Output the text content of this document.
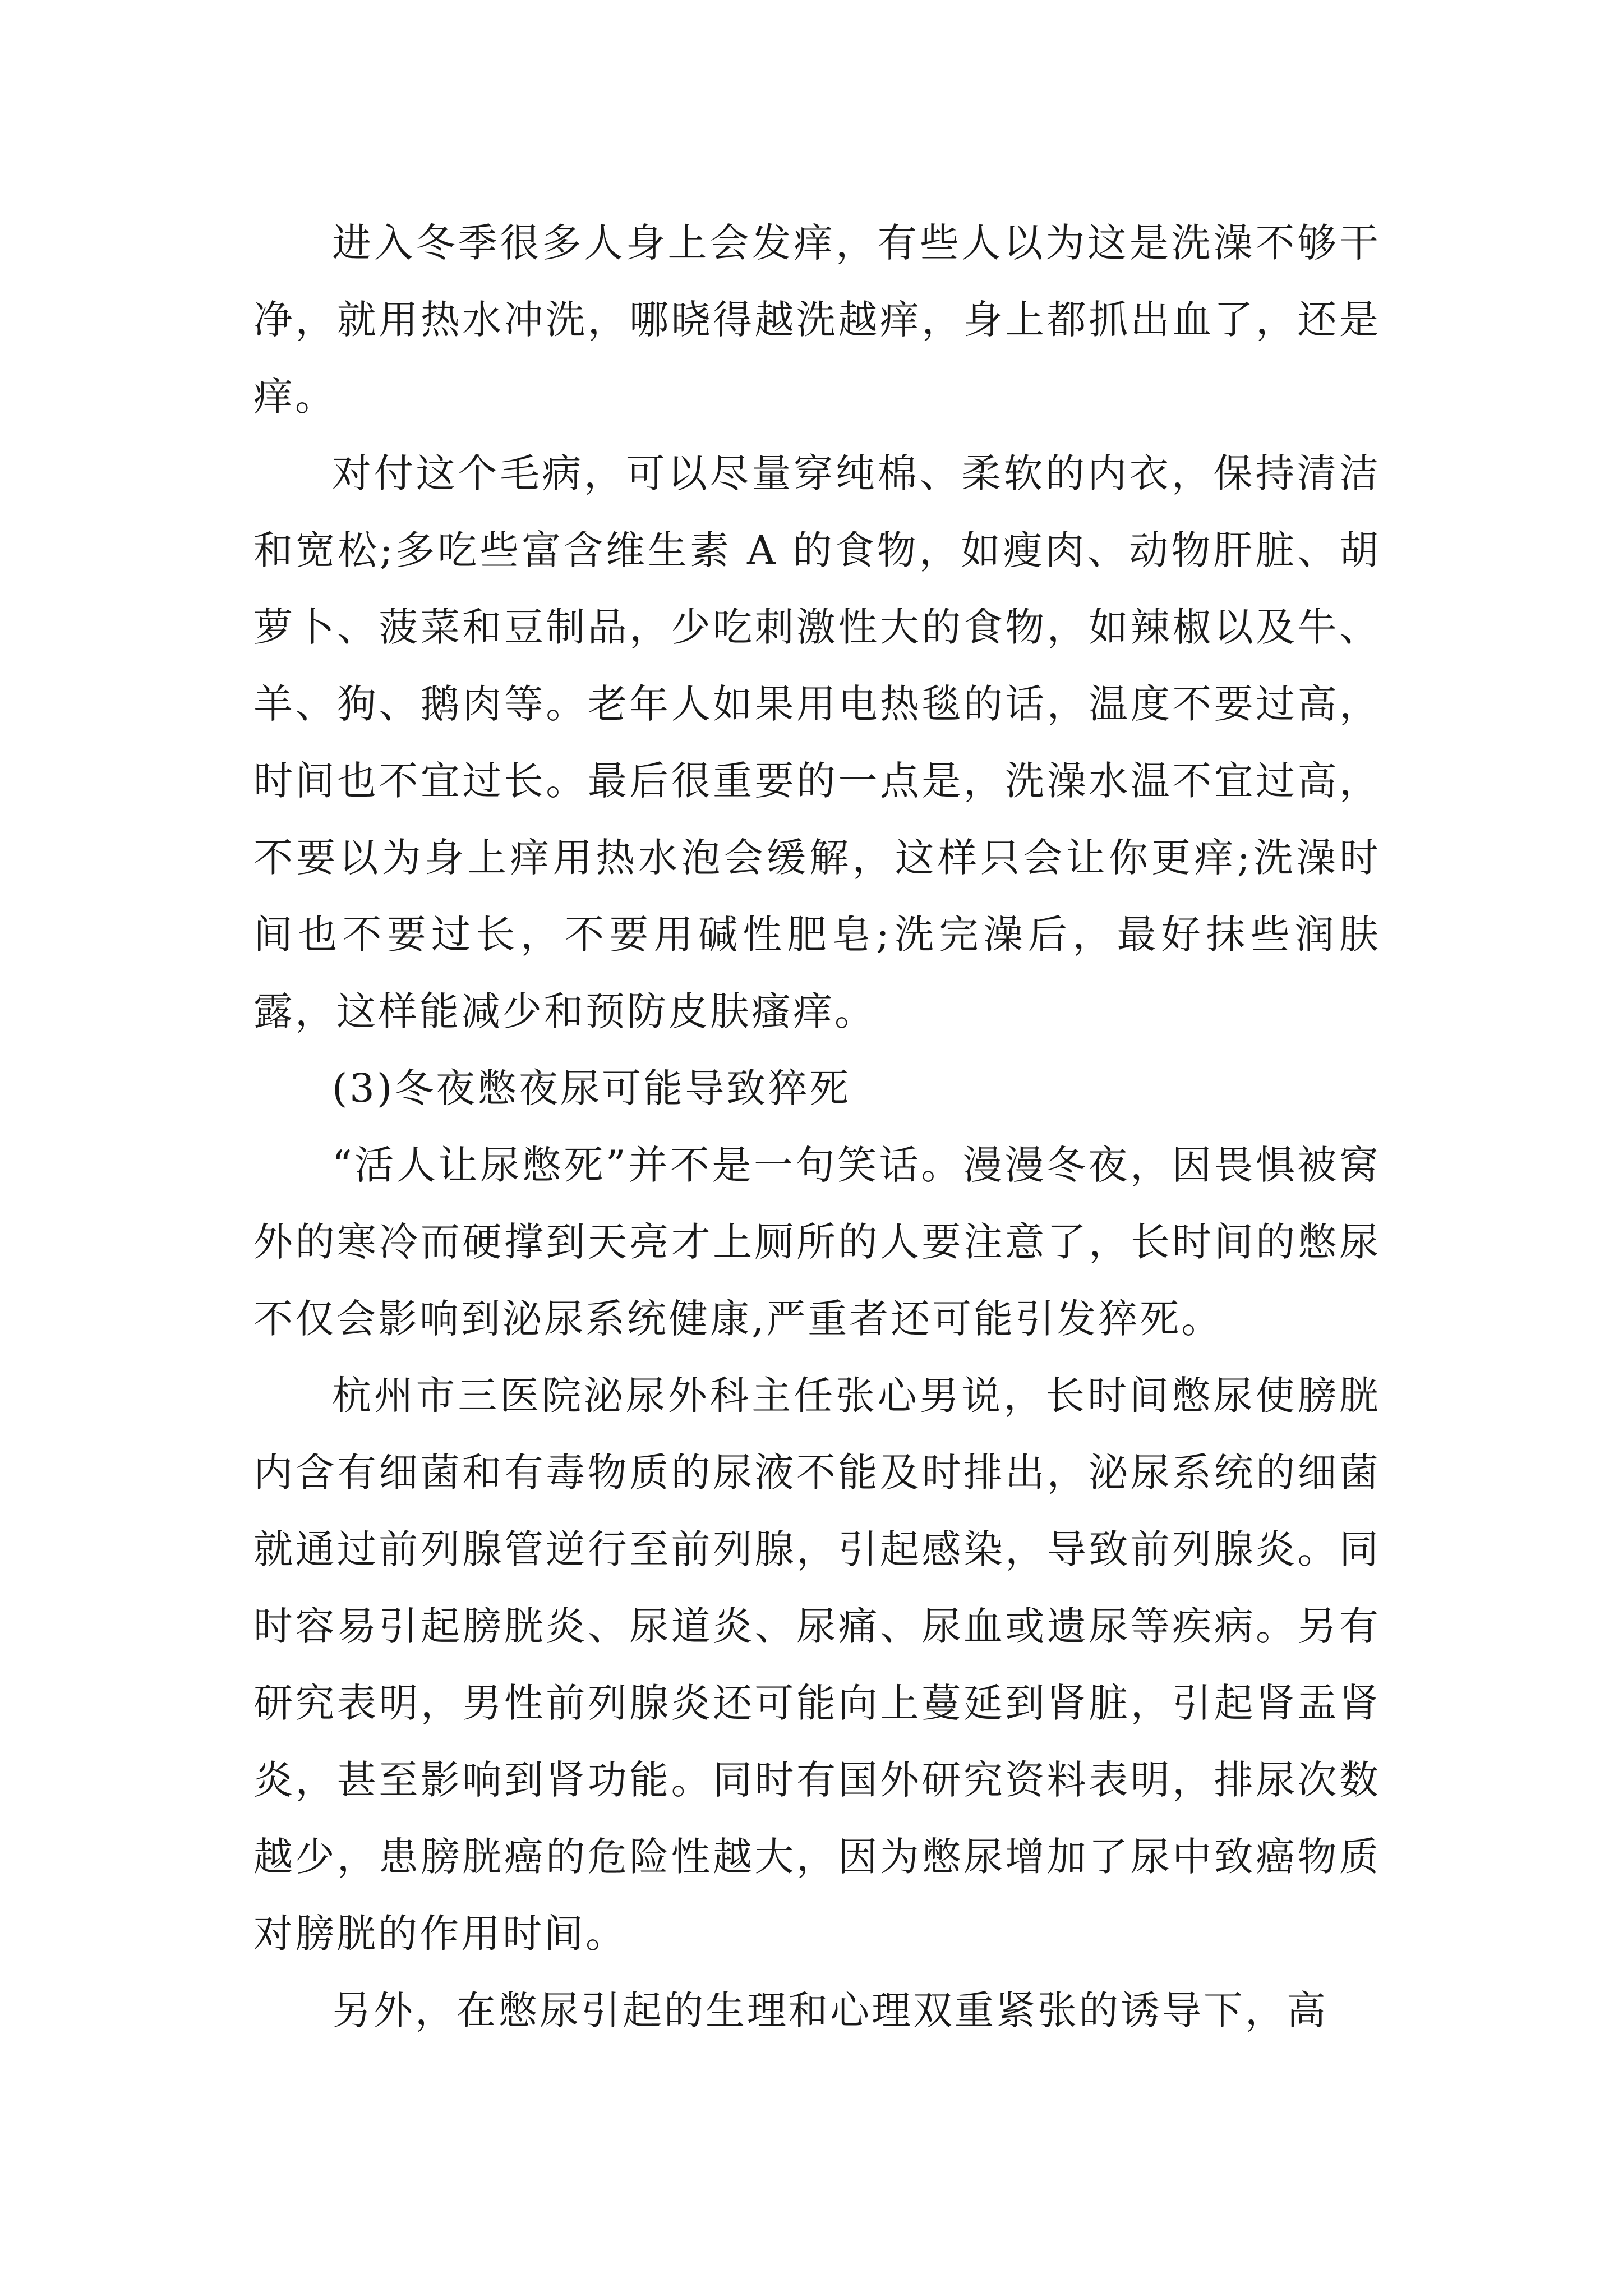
进入冬季很多人身上会发痒，有些人以为这是洗澡不够干净，就用热水冲洗，哪晓得越洗越痒，身上都抓出血了，还是痒。

对付这个毛病，可以尽量穿纯棉、柔软的内衣，保持清洁和宽松;多吃些富含维生素 A 的食物，如瘦肉、动物肝脏、胡萝卜、菠菜和豆制品，少吃刺激性大的食物，如辣椒以及牛、羊、狗、鹅肉等。老年人如果用电热毯的话，温度不要过高，时间也不宜过长。最后很重要的一点是，洗澡水温不宜过高，不要以为身上痒用热水泡会缓解，这样只会让你更痒;洗澡时间也不要过长，不要用碱性肥皂;洗完澡后，最好抹些润肤露，这样能减少和预防皮肤瘙痒。

(3)冬夜憋夜尿可能导致猝死

“活人让尿憋死”并不是一句笑话。漫漫冬夜，因畏惧被窝外的寒冷而硬撑到天亮才上厕所的人要注意了，长时间的憋尿不仅会影响到泌尿系统健康,严重者还可能引发猝死。

杭州市三医院泌尿外科主任张心男说，长时间憋尿使膀胱内含有细菌和有毒物质的尿液不能及时排出，泌尿系统的细菌就通过前列腺管逆行至前列腺，引起感染，导致前列腺炎。同时容易引起膀胱炎、尿道炎、尿痛、尿血或遗尿等疾病。另有研究表明，男性前列腺炎还可能向上蔓延到肾脏，引起肾盂肾炎，甚至影响到肾功能。同时有国外研究资料表明，排尿次数越少，患膀胱癌的危险性越大，因为憋尿增加了尿中致癌物质对膀胱的作用时间。

另外，在憋尿引起的生理和心理双重紧张的诱导下，高
